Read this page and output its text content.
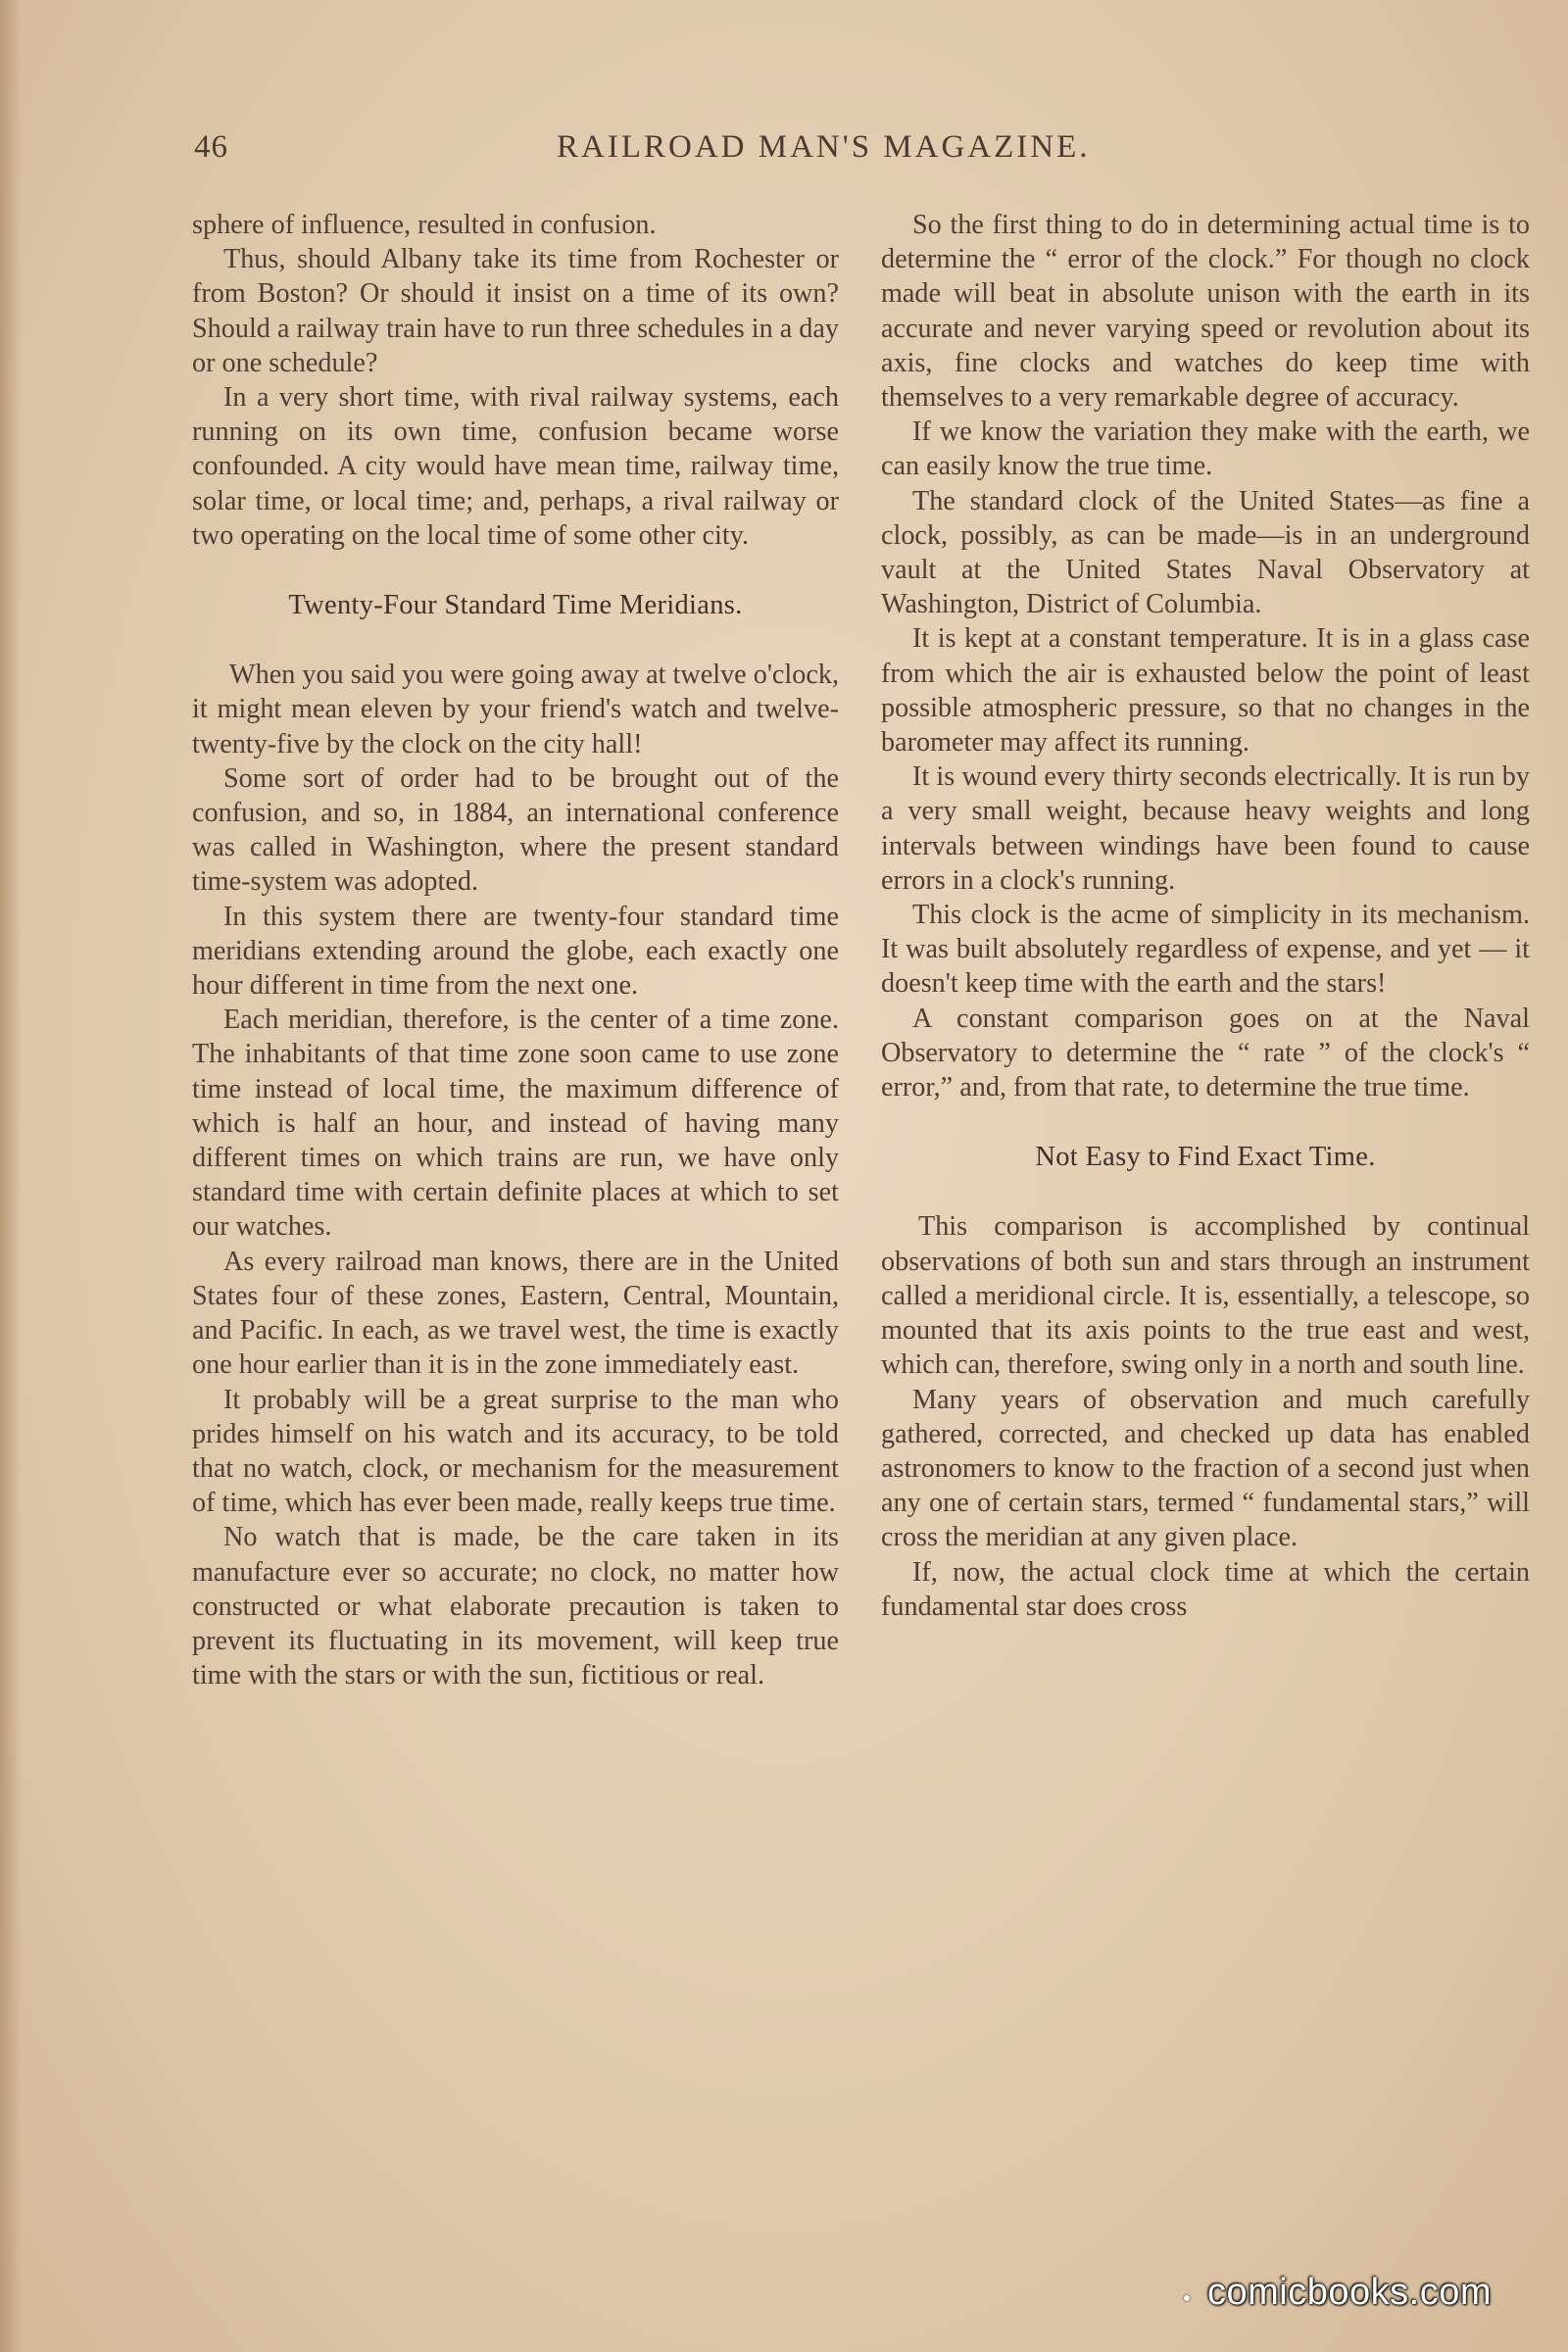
46	RAILROAD MAN'S MAGAZINE.

sphere of influence, resulted in confusion.

Thus, should Albany take its time from Rochester or from Boston? Or should it insist on a time of its own? Should a railway train have to run three schedules in a day or one schedule?

In a very short time, with rival railway systems, each running on its own time, confusion became worse confounded. A city would have mean time, railway time, solar time, or local time; and, perhaps, a rival railway or two operating on the local time of some other city.

Twenty-Four Standard Time Meridians.

When you said you were going away at twelve o'clock, it might mean eleven by your friend's watch and twelve-twenty-five by the clock on the city hall!

Some sort of order had to be brought out of the confusion, and so, in 1884, an international conference was called in Washington, where the present standard time-system was adopted.

In this system there are twenty-four standard time meridians extending around the globe, each exactly one hour different in time from the next one.

Each meridian, therefore, is the center of a time zone. The inhabitants of that time zone soon came to use zone time instead of local time, the maximum difference of which is half an hour, and instead of having many different times on which trains are run, we have only standard time with certain definite places at which to set our watches.

As every railroad man knows, there are in the United States four of these zones, Eastern, Central, Mountain, and Pacific. In each, as we travel west, the time is exactly one hour earlier than it is in the zone immediately east.

It probably will be a great surprise to the man who prides himself on his watch and its accuracy, to be told that no watch, clock, or mechanism for the measurement of time, which has ever been made, really keeps true time.

No watch that is made, be the care taken in its manufacture ever so accurate; no clock, no matter how constructed or what elaborate precaution is taken to prevent its fluctuating in its movement, will keep true time with the stars or with the sun, fictitious or real.

So the first thing to do in determining actual time is to determine the “ error of the clock.” For though no clock made will beat in absolute unison with the earth in its accurate and never varying speed or revolution about its axis, fine clocks and watches do keep time with themselves to a very remarkable degree of accuracy.

If we know the variation they make with the earth, we can easily know the true time.

The standard clock of the United States—as fine a clock, possibly, as can be made—is in an underground vault at the United States Naval Observatory at Washington, District of Columbia.

It is kept at a constant temperature. It is in a glass case from which the air is exhausted below the point of least possible atmospheric pressure, so that no changes in the barometer may affect its running.

It is wound every thirty seconds electrically. It is run by a very small weight, because heavy weights and long intervals between windings have been found to cause errors in a clock's running.

This clock is the acme of simplicity in its mechanism. It was built absolutely regardless of expense, and yet — it doesn't keep time with the earth and the stars!

A constant comparison goes on at the Naval Observatory to determine the “ rate ” of the clock's “ error,” and, from that rate, to determine the true time.

Not Easy to Find Exact Time.

This comparison is accomplished by continual observations of both sun and stars through an instrument called a meridional circle. It is, essentially, a telescope, so mounted that its axis points to the true east and west, which can, therefore, swing only in a north and south line.

Many years of observation and much carefully gathered, corrected, and checked up data has enabled astronomers to know to the fraction of a second just when any one of certain stars, termed “ fundamental stars,” will cross the meridian at any given place.

If, now, the actual clock time at which the certain fundamental star does cross

comicbooks.com
